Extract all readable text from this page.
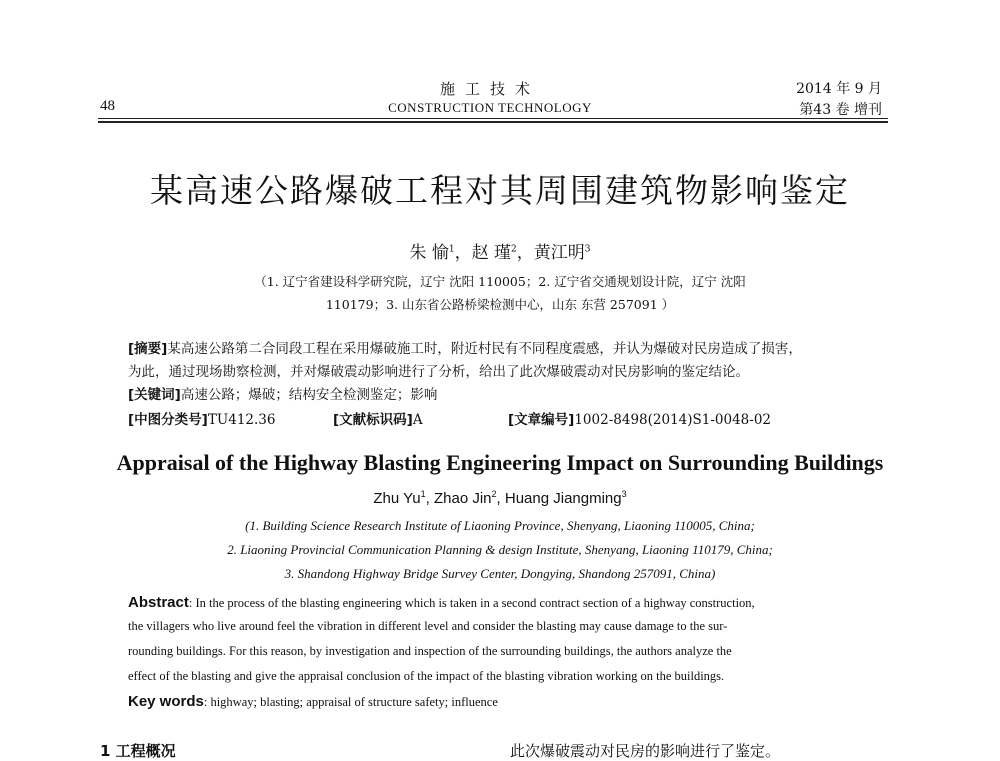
48
施工技术
CONSTRUCTION TECHNOLOGY
2014 年 9 月
第43 卷 增刊
某高速公路爆破工程对其周围建筑物影响鉴定
朱 愉$^1$，赵 瑾$^2$，黄江明$^3$
（1. 辽宁省建设科学研究院，辽宁 沈阳 110005；2. 辽宁省交通规划设计院，辽宁 沈阳
110179；3. 山东省公路桥梁检测中心，山东 东营 257091 ）
[摘要]某高速公路第二合同段工程在采用爆破施工时，附近村民有不同程度震感，并认为爆破对民房造成了损害，
为此，通过现场勘察检测，并对爆破震动影响进行了分析，给出了此次爆破震动对民房影响的鉴定结论。
[关键词]高速公路；爆破；结构安全检测鉴定；影响
[中图分类号]TU412.36	[文献标识码]A	[文章编号]1002-8498(2014)S1-0048-02
Appraisal of the Highway Blasting Engineering Impact on Surrounding Buildings
Zhu Yu$^1$, Zhao Jin$^2$, Huang Jiangming$^3$
(1. Building Science Research Institute of Liaoning Province, Shenyang, Liaoning 110005, China;
2. Liaoning Provincial Communication Planning & design Institute, Shenyang, Liaoning 110179, China;
3. Shandong Highway Bridge Survey Center, Dongying, Shandong 257091, China)
Abstract: In the process of the blasting engineering which is taken in a second contract section of a highway construction,
the villagers who live around feel the vibration in different level and consider the blasting may cause damage to the sur-
rounding buildings. For this reason, by investigation and inspection of the surrounding buildings, the authors analyze the
effect of the blasting and give the appraisal conclusion of the impact of the blasting vibration working on the buildings.
Key words: highway; blasting; appraisal of structure safety; influence
1 工程概况	此次爆破震动对民房的影响进行了鉴定。
